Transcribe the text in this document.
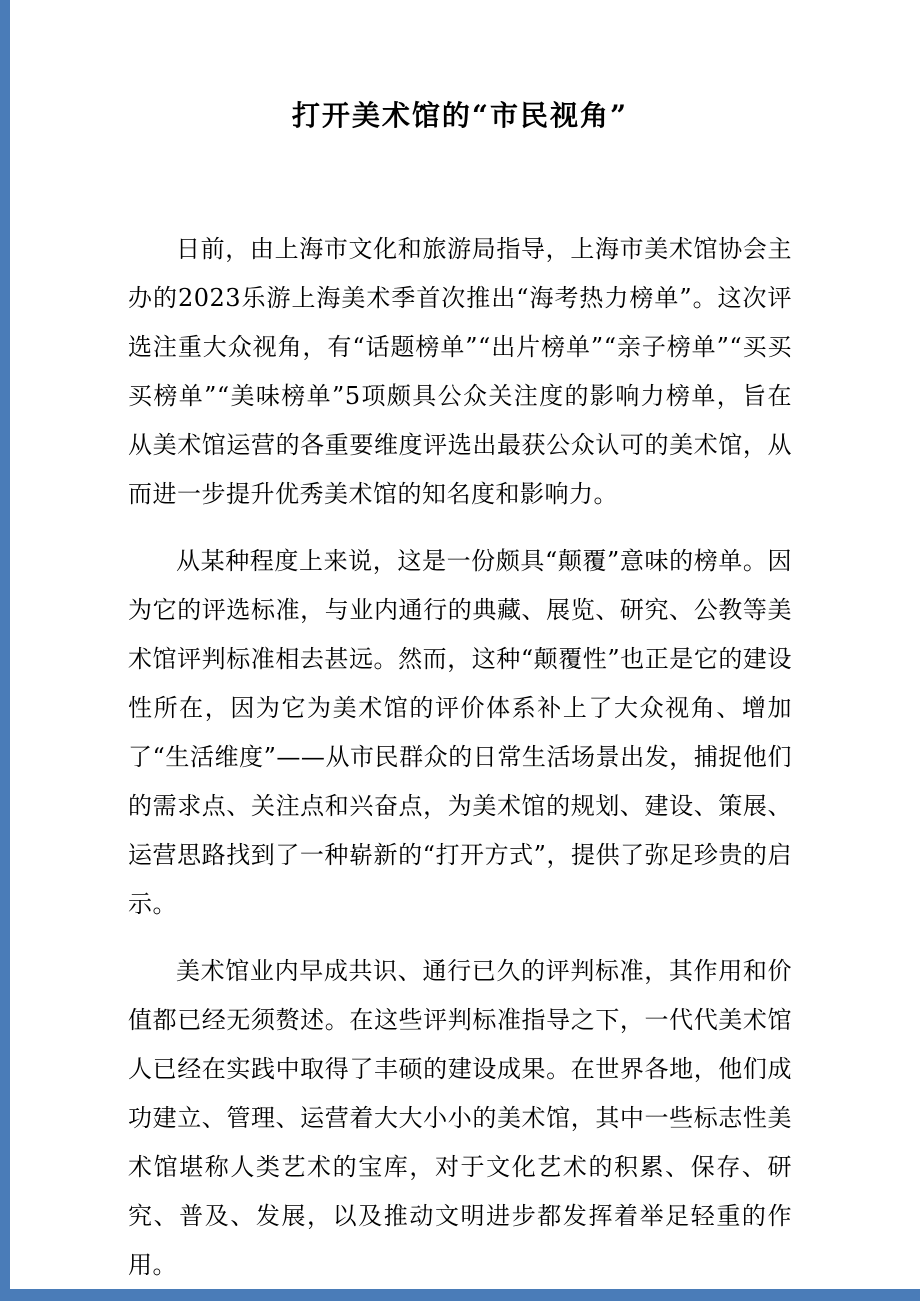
打开美术馆的“市民视角”

日前，由上海市文化和旅游局指导，上海市美术馆协会主办的2023乐游上海美术季首次推出“海考热力榜单”。这次评选注重大众视角，有“话题榜单”“出片榜单”“亲子榜单”“买买买榜单”“美味榜单”5项颇具公众关注度的影响力榜单，旨在从美术馆运营的各重要维度评选出最获公众认可的美术馆，从而进一步提升优秀美术馆的知名度和影响力。

从某种程度上来说，这是一份颇具“颠覆”意味的榜单。因为它的评选标准，与业内通行的典藏、展览、研究、公教等美术馆评判标准相去甚远。然而，这种“颠覆性”也正是它的建设性所在，因为它为美术馆的评价体系补上了大众视角、增加了“生活维度”——从市民群众的日常生活场景出发，捕捉他们的需求点、关注点和兴奋点，为美术馆的规划、建设、策展、运营思路找到了一种崭新的“打开方式”，提供了弥足珍贵的启示。

美术馆业内早成共识、通行已久的评判标准，其作用和价值都已经无须赘述。在这些评判标准指导之下，一代代美术馆人已经在实践中取得了丰硕的建设成果。在世界各地，他们成功建立、管理、运营着大大小小的美术馆，其中一些标志性美术馆堪称人类艺术的宝库，对于文化艺术的积累、保存、研究、普及、发展，以及推动文明进步都发挥着举足轻重的作用。
